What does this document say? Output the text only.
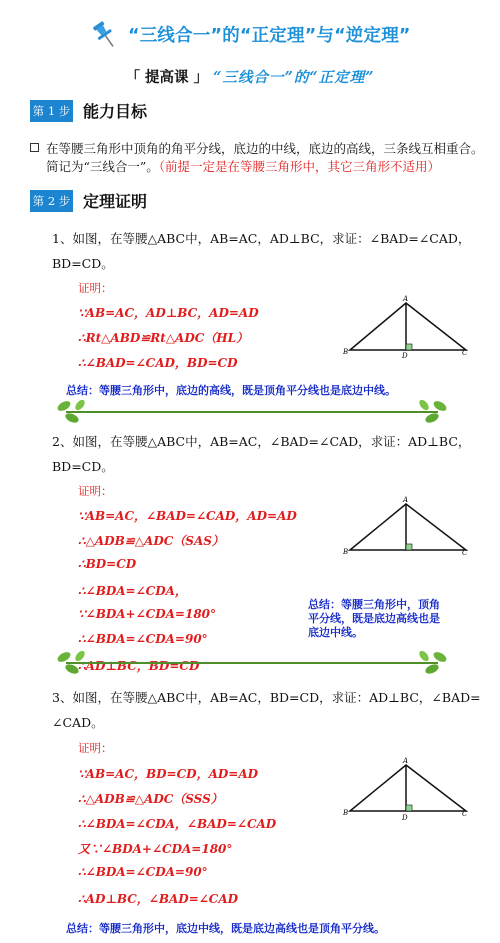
“三线合一”的“正定理”与“逆定理”
「 提高课 」 “三线合一”的“正定理”
第 1 步 能力目标
在等腰三角形中顶角的角平分线，底边的中线，底边的高线，三条线互相重合。
简记为“三线合一”。（前提一定是在等腰三角形中，其它三角形不适用）
第 2 步 定理证明
1、如图，在等腰△ABC中，AB=AC，AD⊥BC，求证：∠BAD=∠CAD，
BD=CD。
证明：
∵AB=AC，AD⊥BC，AD=AD
∴Rt△ABD≌Rt△ADC（HL）
∴∠BAD=∠CAD，BD=CD
总结：等腰三角形中，底边的高线，既是顶角平分线也是底边中线。
A
B	C
D
2、如图，在等腰△ABC中，AB=AC，∠BAD=∠CAD，求证：AD⊥BC，
BD=CD。
证明：
∵AB=AC，∠BAD=∠CAD，AD=AD
∴△ADB≌△ADC（SAS）
∴BD=CD
∴∠BDA=∠CDA，
∵∠BDA+∠CDA=180°
∴∠BDA=∠CDA=90°
∴AD⊥BC，BD=CD
总结：等腰三角形中，顶角
平分线，既是底边高线也是
底边中线。
A
B	C
3、如图，在等腰△ABC中，AB=AC，BD=CD，求证：AD⊥BC，∠BAD=
∠CAD。
证明：
∵AB=AC，BD=CD，AD=AD
∴△ADB≌△ADC（SSS）
∴∠BDA=∠CDA，∠BAD=∠CAD
又∵∠BDA+∠CDA=180°
∴∠BDA=∠CDA=90°
∴AD⊥BC，∠BAD=∠CAD
总结：等腰三角形中，底边中线，既是底边高线也是顶角平分线。
A
B	C
D
